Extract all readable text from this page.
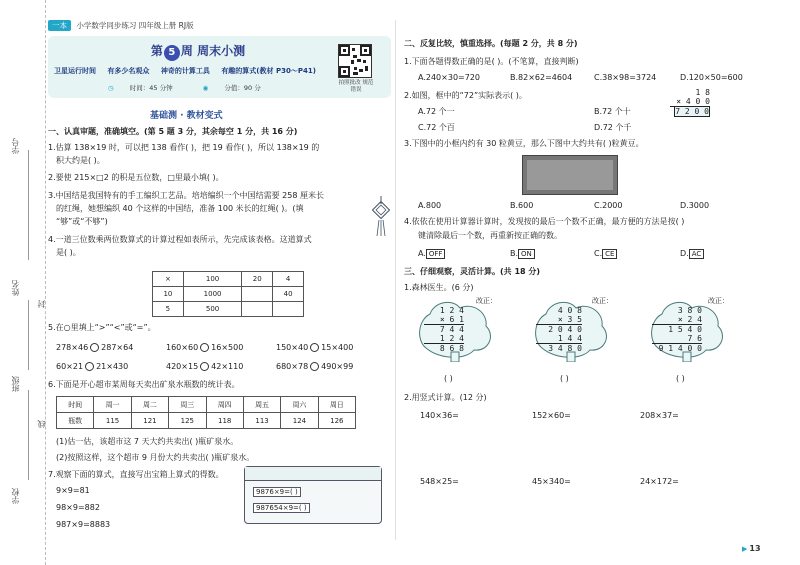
学号
姓名
班级
学校
封
线
一本 小学数学同步练习 四年级上册 RJ版
第 5 周 周末小测
卫星运行时间 有多少名观众 神奇的计算工具 有趣的算式(教材 P30～P41)
◷ 时间：45 分钟	◉ 分值：90 分
拍照批改 规范错误
基础测 · 教材变式
一、认真审题，准确填空。(第 5 题 3 分，其余每空 1 分，共 16 分)
1.估算 138×19 时，可以把 138 看作( )，把 19 看作( )，所以 138×19 的
积大约是( )。
2.要使 215×□2 的积是五位数，□里最小填( )。
3.中国结是我国特有的手工编织工艺品。培培编织一个中国结需要 258 厘米长
的红绳，她想编织 40 个这样的中国结，准备 100 米长的红绳( )。(填
“够”或“不够”)
4.一道三位数乘两位数算式的计算过程如表所示，先完成该表格。这道算式
是( )。
×	100	20	4
10	1000		40
5	500		
5.在○里填上“>”“<”或“=”。
278×46 287×64	160×60 16×500	150×40 15×400
60×21 21×430	420×15 42×110	680×78 490×99
6.下面是开心超市某周每天卖出矿泉水瓶数的统计表。
时间	周一	周二	周三	周四	周五	周六	周日
瓶数	115	121	125	118	113	124	126
(1)估一估，该超市这 7 天大约共卖出( )瓶矿泉水。
(2)按照这样，这个超市 9 月份大约共卖出( )瓶矿泉水。
7.观察下面的算式，直接写出宝箱上算式的得数。
9×9=81
98×9=882
987×9=8883
9876×9=( )
987654×9=( )
二、反复比较，慎重选择。(每题 2 分，共 8 分)
1.下面各题得数正确的是( )。(不笔算，直接判断)
A.240×30=720	B.82×62=4604	C.38×98=3724	D.120×50=600
2.如图，框中的“72”实际表示( )。
A.72 个一	B.72 个十
C.72 个百	D.72 个千
1 8
× 4 0 0
7 2 0 0
3.下图中的小框内约有 30 粒黄豆，那么下图中大约共有( )粒黄豆。
A.800	B.600	C.2000	D.3000
4.依依在使用计算器计算时，发现按的最后一个数不正确，最方便的方法是按( )
键清除最后一个数，再重新按正确的数。
A. OFF	B. ON	C. CE	D. AC
三、仔细观察，灵活计算。(共 18 分)
1.森林医生。(6 分)
改正：	改正：	改正：
1 2 4
× 6 1
7 4 4
1 2 4
8 6 8
4 0 8
× 3 5
2 0 4 0
1 4 4
3 4 8 0
3 8 0
× 2 4
1 5 4 0
7 6
9 1 4 0 0
( )	( )	( )
2.用竖式计算。(12 分)
140×36=	152×60=	208×37=
548×25=	45×340=	24×172=
▶ 13
